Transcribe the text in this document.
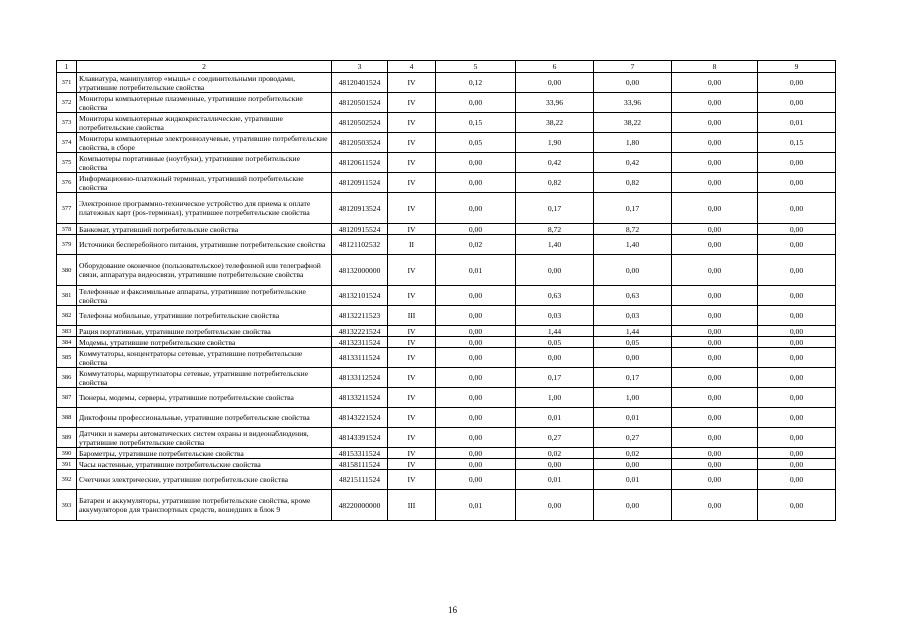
1	2	3	4	5	6	7	8	9
371	Клавиатура, манипулятор «мышь» с соединительными проводами, утратившие потребительские свойства	48120401524	IV	0,12	0,00	0,00	0,00	0,00
372	Мониторы компьютерные плазменные, утратившие потребительские свойства	48120501524	IV	0,00	33,96	33,96	0,00	0,00
373	Мониторы компьютерные жидкокристаллические, утратившие потребительские свойства	48120502524	IV	0,15	38,22	38,22	0,00	0,01
374	Мониторы компьютерные электроннолучевые, утратившие потребительские свойства, в сборе	48120503524	IV	0,05	1,90	1,80	0,00	0,15
375	Компьютеры портативные (ноутбуки), утратившие потребительские свойства	48120611524	IV	0,00	0,42	0,42	0,00	0,00
376	Информационно-платежный терминал, утративший потребительские свойства	48120911524	IV	0,00	0,82	0,82	0,00	0,00
377	Электронное программно-техническое устройство для приема к оплате платежных карт (pos-терминал), утратившее потребительские свойства	48120913524	IV	0,00	0,17	0,17	0,00	0,00
378	Банкомат, утративший потребительские свойства	48120915524	IV	0,00	8,72	8,72	0,00	0,00
379	Источники бесперебойного питания, утратившие потребительские свойства	48121102532	II	0,02	1,40	1,40	0,00	0,00
380	Оборудование оконечное (пользовательское) телефонной или телеграфной связи, аппаратура видеосвязи, утратившие потребительские свойства	48132000000	IV	0,01	0,00	0,00	0,00	0,00
381	Телефонные и факсимильные аппараты, утратившие потребительские свойства	48132101524	IV	0,00	0,63	0,63	0,00	0,00
382	Телефоны мобильные, утратившие потребительские свойства	48132211523	III	0,00	0,03	0,03	0,00	0,00
383	Рация портативные, утратившие потребительские свойства	48132221524	IV	0,00	1,44	1,44	0,00	0,00
384	Модемы, утратившие потребительские свойства	48132311524	IV	0,00	0,05	0,05	0,00	0,00
385	Коммутаторы, концентраторы сетевые, утратившие потребительские свойства	48133111524	IV	0,00	0,00	0,00	0,00	0,00
386	Коммутаторы, маршрутизаторы сетевые, утратившие потребительские свойства	48133112524	IV	0,00	0,17	0,17	0,00	0,00
387	Тюнеры, модемы, серверы, утратившие потребительские свойства	48133211524	IV	0,00	1,00	1,00	0,00	0,00
388	Диктофоны профессиональные, утратившие потребительские свойства	48143221524	IV	0,00	0,01	0,01	0,00	0,00
389	Датчики и камеры автоматических систем охраны и видеонаблюдения, утратившие потребительские свойства	48143391524	IV	0,00	0,27	0,27	0,00	0,00
390	Барометры, утратившие потребительские свойства	48153311524	IV	0,00	0,02	0,02	0,00	0,00
391	Часы настенные, утратившие потребительские свойства	48158111524	IV	0,00	0,00	0,00	0,00	0,00
392	Счетчики электрические, утратившие потребительские свойства	48215111524	IV	0,00	0,01	0,01	0,00	0,00
393	Батареи и аккумуляторы, утратившие потребительские свойства, кроме аккумуляторов для транспортных средств, вошедших в блок 9	48220000000	III	0,01	0,00	0,00	0,00	0,00
16
